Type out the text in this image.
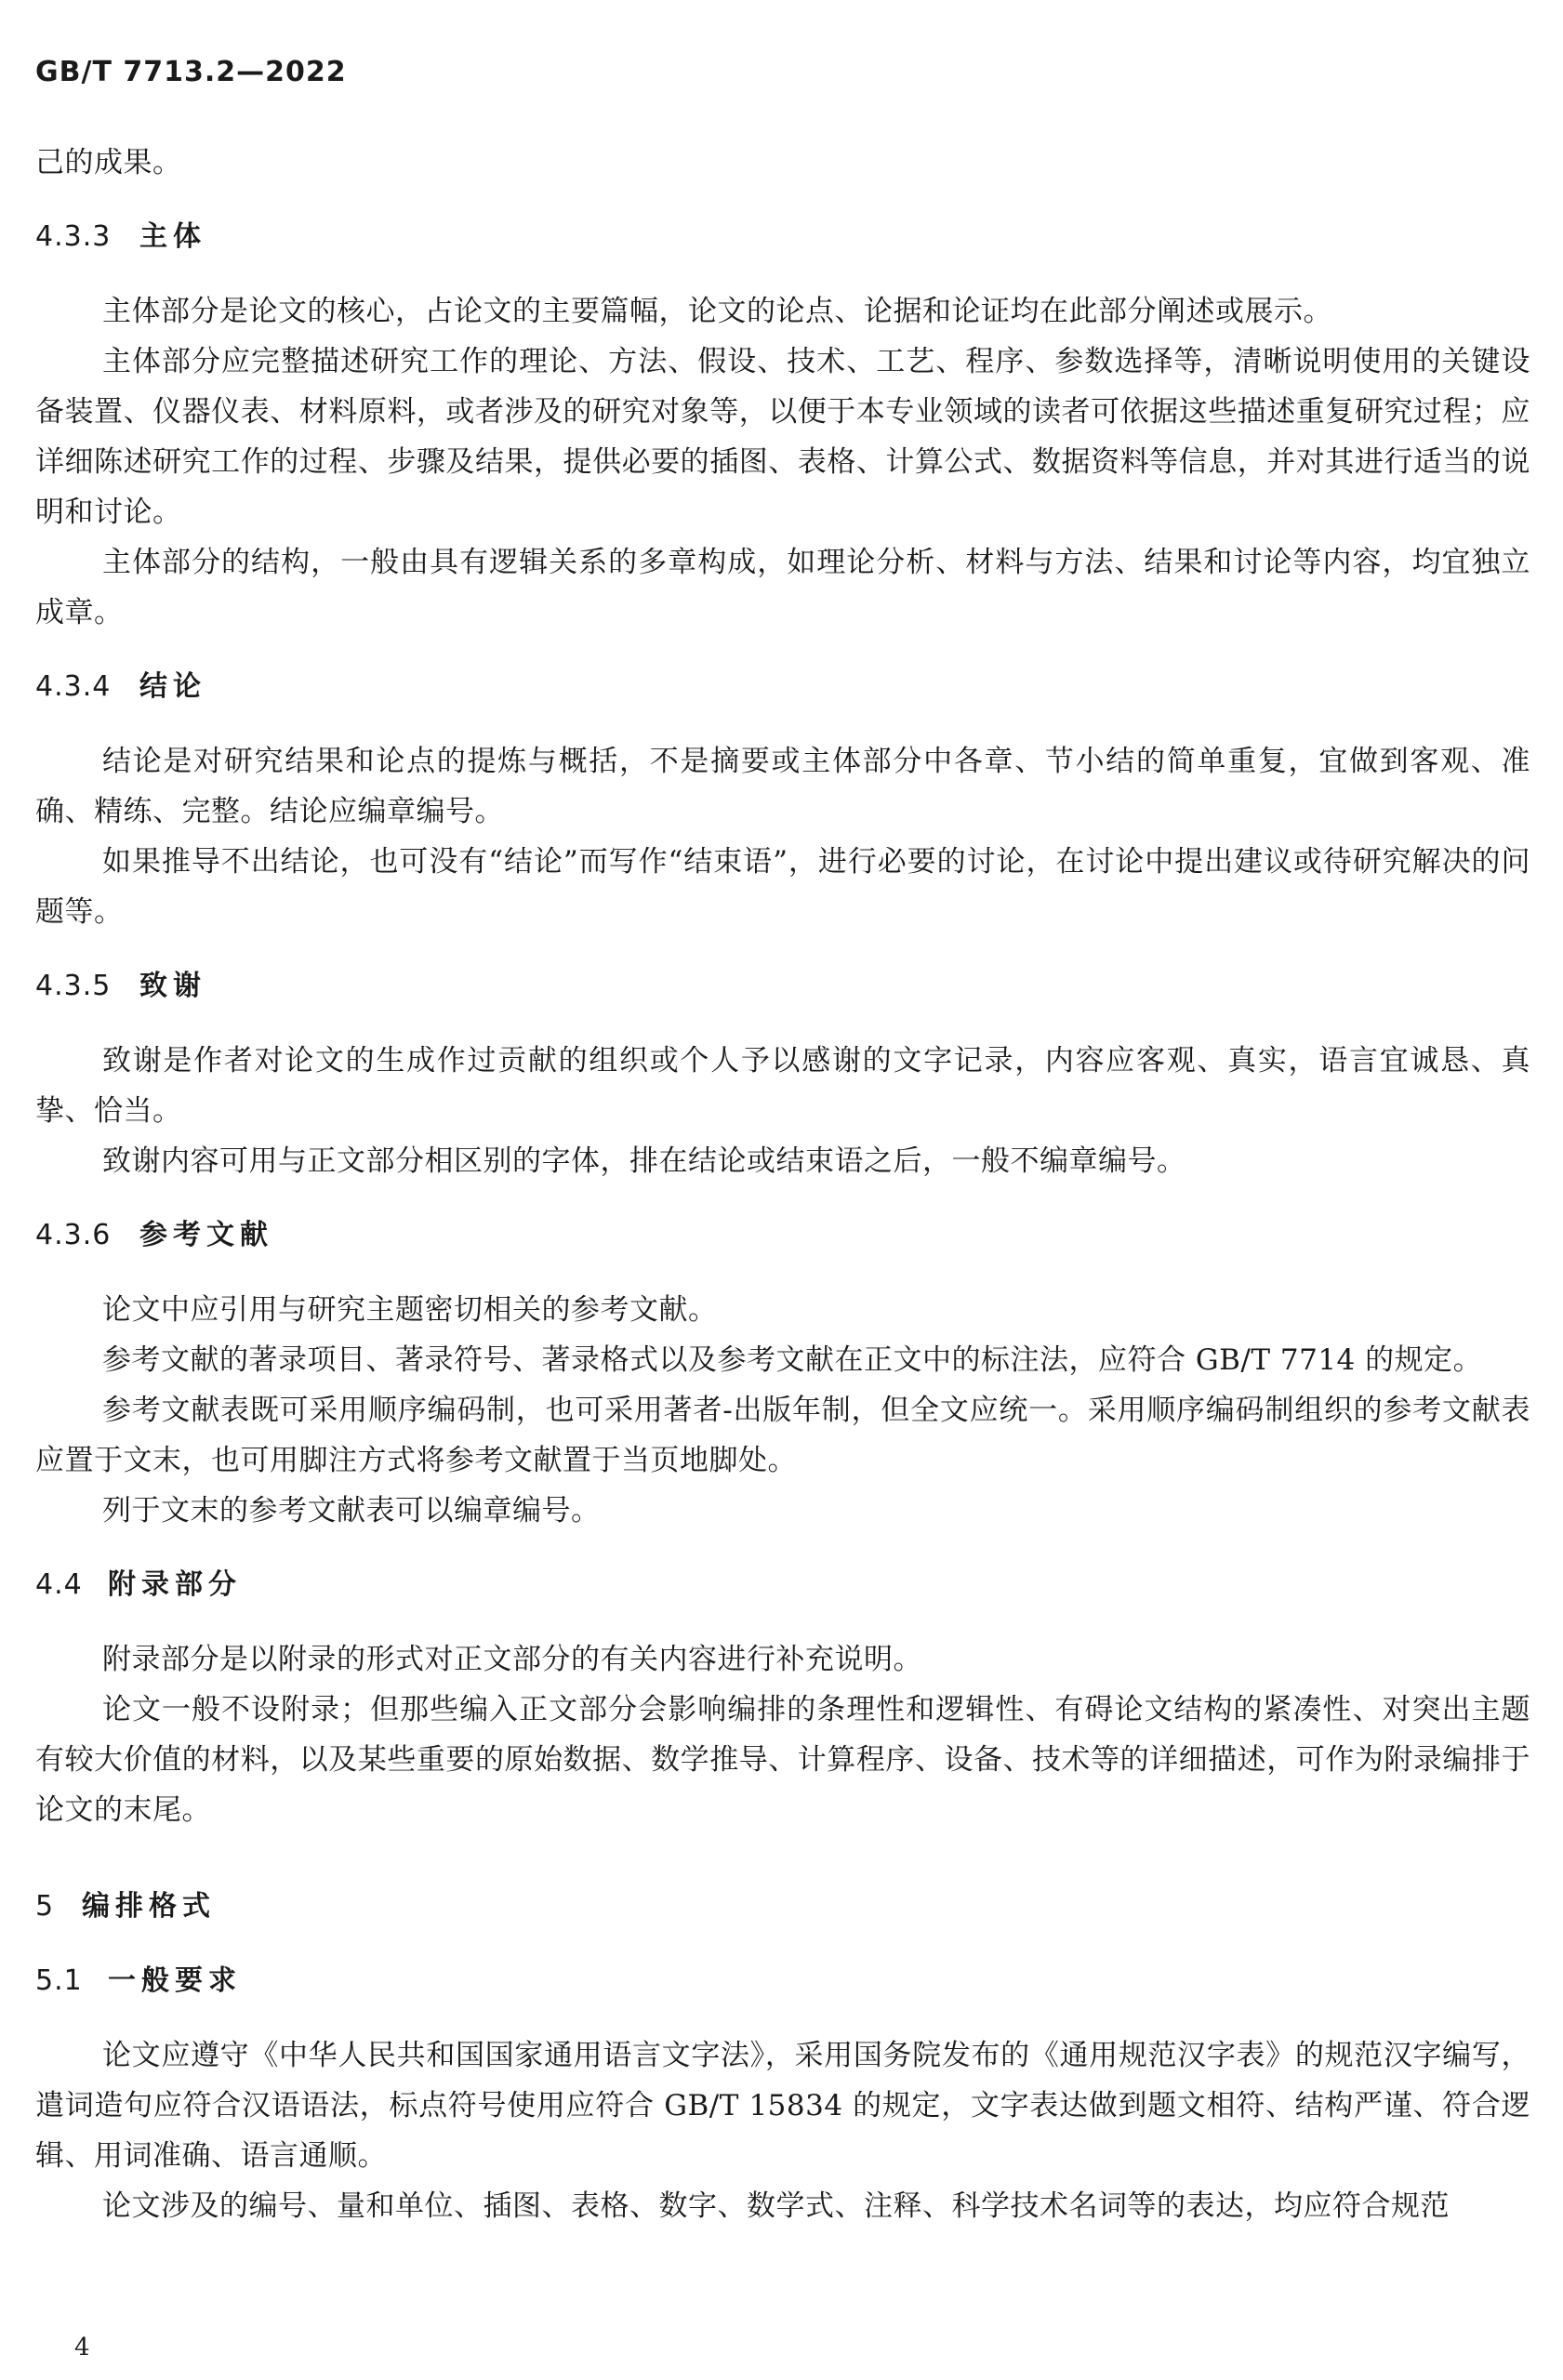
GB/T 7713.2—2022

己的成果。

4.3.3	主体

主体部分是论文的核心，占论文的主要篇幅，论文的论点、论据和论证均在此部分阐述或展示。

主体部分应完整描述研究工作的理论、方法、假设、技术、工艺、程序、参数选择等，清晰说明使用的关键设备装置、仪器仪表、材料原料，或者涉及的研究对象等，以便于本专业领域的读者可依据这些描述重复研究过程；应详细陈述研究工作的过程、步骤及结果，提供必要的插图、表格、计算公式、数据资料等信息，并对其进行适当的说明和讨论。

主体部分的结构，一般由具有逻辑关系的多章构成，如理论分析、材料与方法、结果和讨论等内容，均宜独立成章。

4.3.4	结论

结论是对研究结果和论点的提炼与概括，不是摘要或主体部分中各章、节小结的简单重复，宜做到客观、准确、精练、完整。结论应编章编号。

如果推导不出结论，也可没有“结论”而写作“结束语”，进行必要的讨论，在讨论中提出建议或待研究解决的问题等。

4.3.5	致谢

致谢是作者对论文的生成作过贡献的组织或个人予以感谢的文字记录，内容应客观、真实，语言宜诚恳、真挚、恰当。

致谢内容可用与正文部分相区别的字体，排在结论或结束语之后，一般不编章编号。

4.3.6	参考文献

论文中应引用与研究主题密切相关的参考文献。

参考文献的著录项目、著录符号、著录格式以及参考文献在正文中的标注法，应符合 GB/T 7714 的规定。

参考文献表既可采用顺序编码制，也可采用著者-出版年制，但全文应统一。采用顺序编码制组织的参考文献表应置于文末，也可用脚注方式将参考文献置于当页地脚处。

列于文末的参考文献表可以编章编号。

4.4 附录部分

附录部分是以附录的形式对正文部分的有关内容进行补充说明。

论文一般不设附录；但那些编入正文部分会影响编排的条理性和逻辑性、有碍论文结构的紧凑性、对突出主题有较大价值的材料，以及某些重要的原始数据、数学推导、计算程序、设备、技术等的详细描述，可作为附录编排于论文的末尾。

5 编排格式
5.1 一般要求

论文应遵守《中华人民共和国国家通用语言文字法》，采用国务院发布的《通用规范汉字表》的规范汉字编写，遣词造句应符合汉语语法，标点符号使用应符合 GB/T 15834 的规定，文字表达做到题文相符、结构严谨、符合逻辑、用词准确、语言通顺。

论文涉及的编号、量和单位、插图、表格、数字、数学式、注释、科学技术名词等的表达，均应符合规范

4
